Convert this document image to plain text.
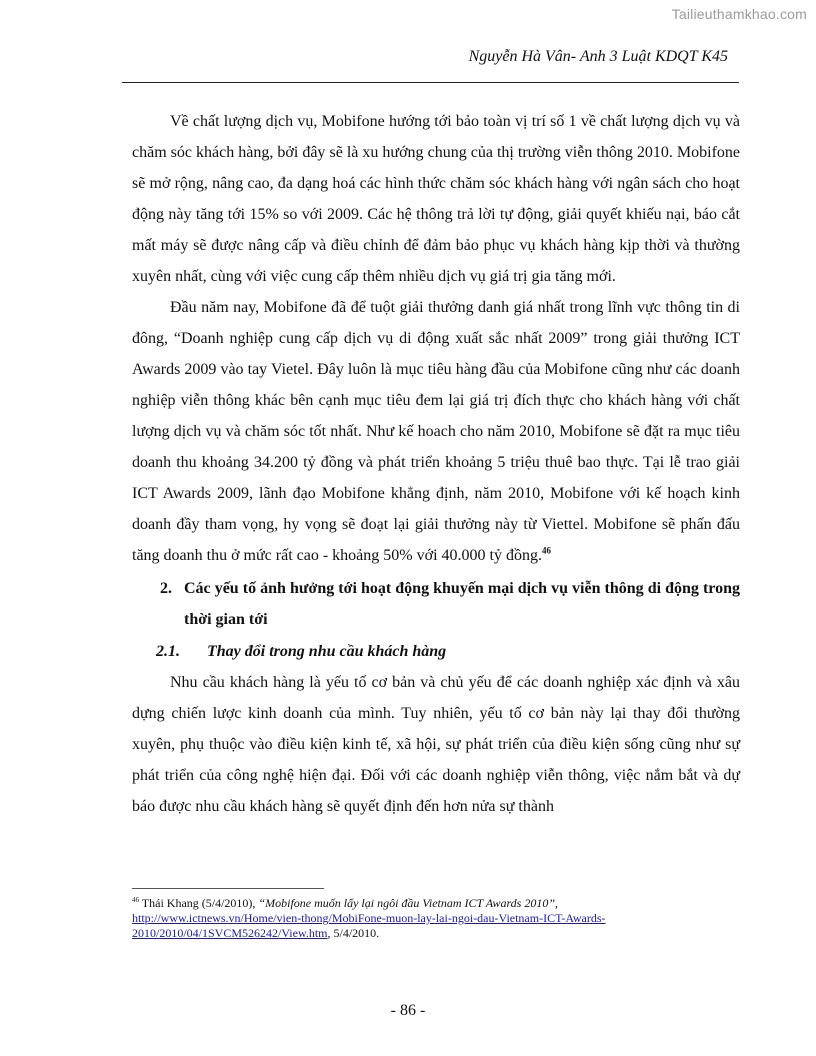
Tailieuthamkhao.com
Nguyễn Hà Vân- Anh 3 Luật KDQT K45

Về chất lượng dịch vụ, Mobifone hướng tới bảo toàn vị trí số 1 về chất lượng dịch vụ và chăm sóc khách hàng, bởi đây sẽ là xu hướng chung của thị trường viễn thông 2010. Mobifone sẽ mở rộng, nâng cao, đa dạng hoá các hình thức chăm sóc khách hàng với ngân sách cho hoạt động này tăng tới 15% so với 2009. Các hệ thông trả lời tự động, giải quyết khiếu nại, báo cắt mất máy sẽ được nâng cấp và điều chỉnh để đảm bảo phục vụ khách hàng kịp thời và thường xuyên nhất, cùng với việc cung cấp thêm nhiều dịch vụ giá trị gia tăng mới.

Đầu năm nay, Mobifone đã để tuột giải thưởng danh giá nhất trong lĩnh vực thông tin di đông, “Doanh nghiệp cung cấp dịch vụ di động xuất sắc nhất 2009” trong giải thưởng ICT Awards 2009 vào tay Vietel. Đây luôn là mục tiêu hàng đầu của Mobifone cũng như các doanh nghiệp viễn thông khác bên cạnh mục tiêu đem lại giá trị đích thực cho khách hàng với chất lượng dịch vụ và chăm sóc tốt nhất. Như kế hoach cho năm 2010, Mobifone sẽ đặt ra mục tiêu doanh thu khoảng 34.200 tỷ đồng và phát triển khoảng 5 triệu thuê bao thực. Tại lễ trao giải ICT Awards 2009, lãnh đạo Mobifone khẳng định, năm 2010, Mobifone với kế hoạch kinh doanh đầy tham vọng, hy vọng sẽ đoạt lại giải thưởng này từ Viettel. Mobifone sẽ phấn đấu tăng doanh thu ở mức rất cao - khoảng 50% với 40.000 tỷ đồng.$^{46}$

2. Các yếu tố ảnh hưởng tới hoạt động khuyến mại dịch vụ viễn thông di động trong thời gian tới
2.1.	Thay đổi trong nhu cầu khách hàng

Nhu cầu khách hàng là yếu tố cơ bản và chủ yếu để các doanh nghiệp xác định và xâu dựng chiến lược kinh doanh của mình. Tuy nhiên, yếu tố cơ bản này lại thay đổi thường xuyên, phụ thuộc vào điều kiện kinh tế, xã hội, sự phát triển của điều kiện sống cũng như sự phát triển của công nghệ hiện đại. Đối với các doanh nghiệp viễn thông, việc nắm bắt và dự báo được nhu cầu khách hàng sẽ quyết định đến hơn nửa sự thành

$^{46}$ Thái Khang (5/4/2010), “Mobifone muốn lấy lại ngôi đầu Vietnam ICT Awards 2010”, http://www.ictnews.vn/Home/vien-thong/MobiFone-muon-lay-lai-ngoi-dau-Vietnam-ICT-Awards-2010/2010/04/1SVCM526242/View.htm, 5/4/2010.
- 86 -
